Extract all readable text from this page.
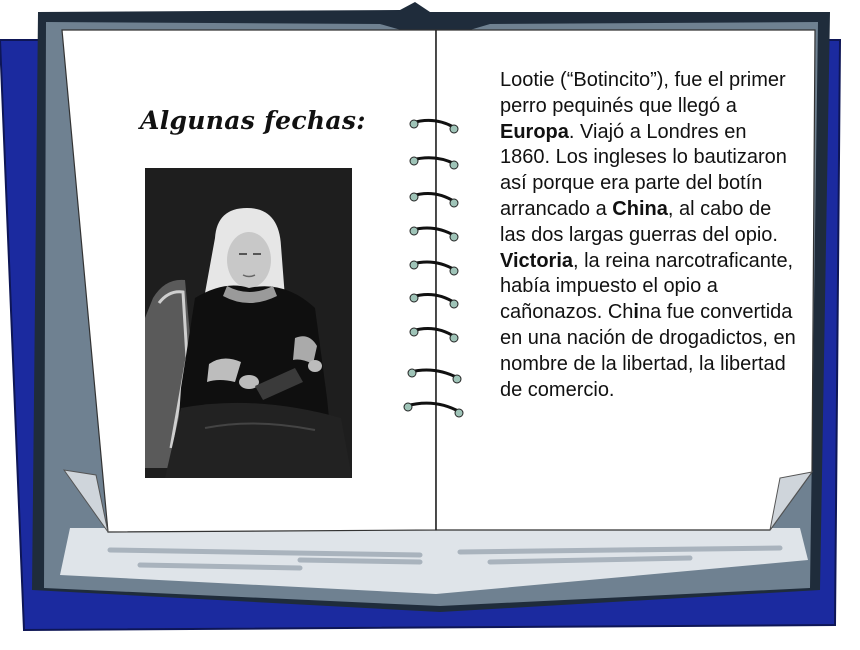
Algunas fechas:

Lootie (“Botincito”), fue el primer perro pequinés que llegó a Europa. Viajó a Londres en 1860. Los ingleses lo bautizaron así porque era parte del botín arrancado a China, al cabo de las dos largas guerras del opio. Victoria, la reina narcotraficante, había impuesto el opio a cañonazos. China fue convertida en una nación de drogadictos, en nombre de la libertad, la libertad de comercio.
